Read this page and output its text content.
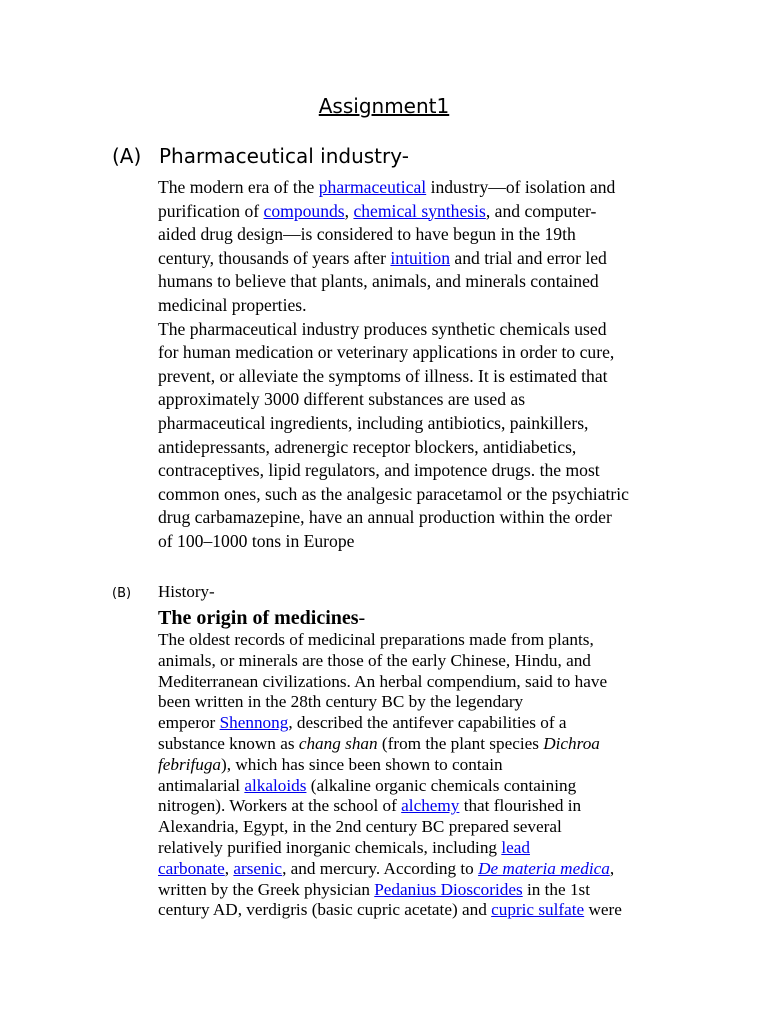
Assignment1
(A) Pharmaceutical industry-
The modern era of the pharmaceutical industry—of isolation and
purification of compounds, chemical synthesis, and computer-
aided drug design—is considered to have begun in the 19th
century, thousands of years after intuition and trial and error led
humans to believe that plants, animals, and minerals contained
medicinal properties.
The pharmaceutical industry produces synthetic chemicals used
for human medication or veterinary applications in order to cure,
prevent, or alleviate the symptoms of illness. It is estimated that
approximately 3000 different substances are used as
pharmaceutical ingredients, including antibiotics, painkillers,
antidepressants, adrenergic receptor blockers, antidiabetics,
contraceptives, lipid regulators, and impotence drugs. the most
common ones, such as the analgesic paracetamol or the psychiatric
drug carbamazepine, have an annual production within the order
of 100–1000 tons in Europe
(B) History-
The origin of medicines-
The oldest records of medicinal preparations made from plants,
animals, or minerals are those of the early Chinese, Hindu, and
Mediterranean civilizations. An herbal compendium, said to have
been written in the 28th century BC by the legendary
emperor Shennong, described the antifever capabilities of a
substance known as chang shan (from the plant species Dichroa
febrifuga), which has since been shown to contain
antimalarial alkaloids (alkaline organic chemicals containing
nitrogen). Workers at the school of alchemy that flourished in
Alexandria, Egypt, in the 2nd century BC prepared several
relatively purified inorganic chemicals, including lead
carbonate, arsenic, and mercury. According to De materia medica,
written by the Greek physician Pedanius Dioscorides in the 1st
century AD, verdigris (basic cupric acetate) and cupric sulfate were
